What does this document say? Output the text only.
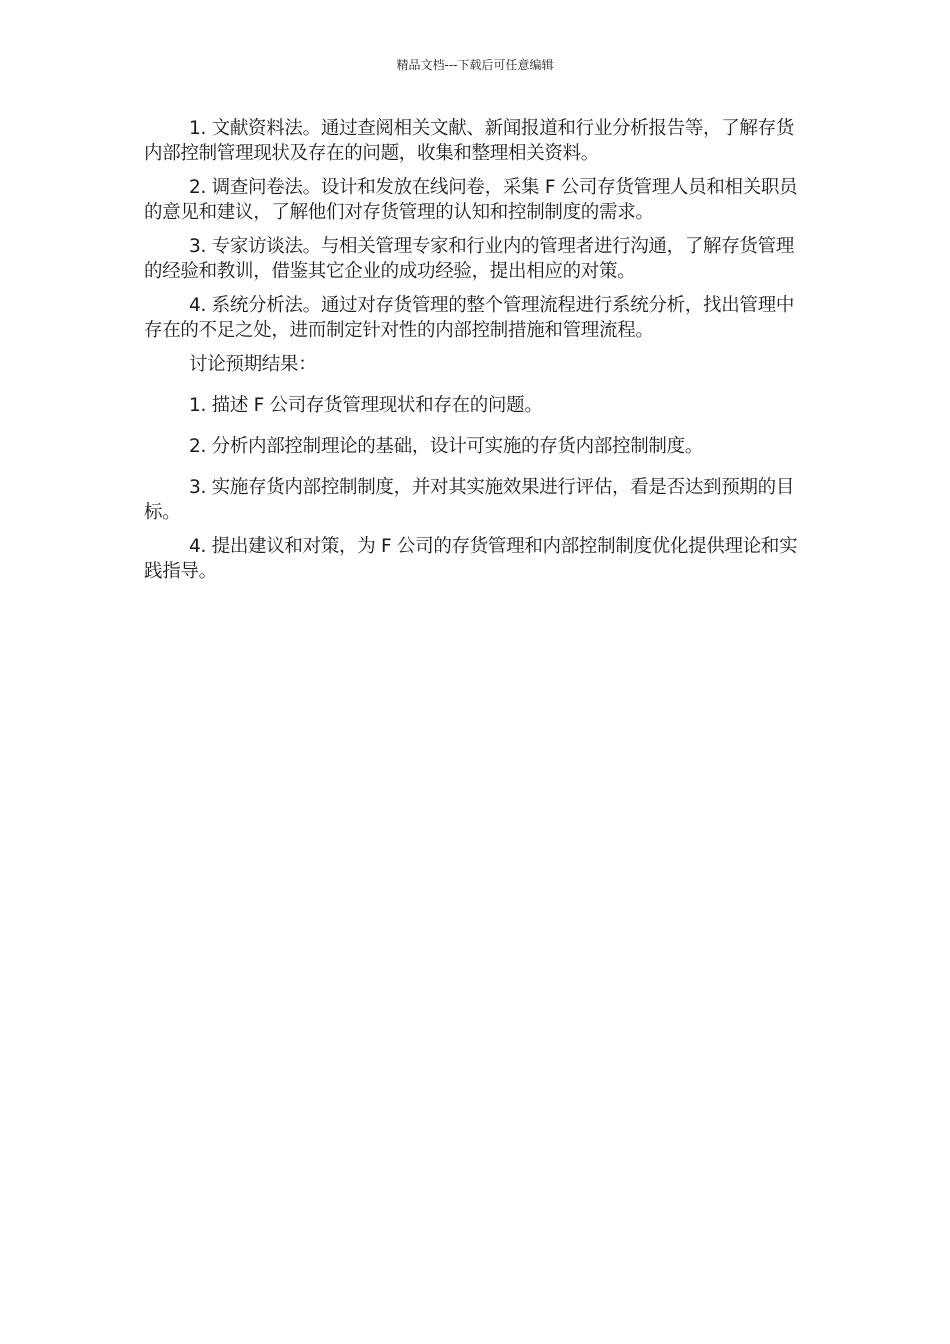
精品文档---下载后可任意编辑

1. 文献资料法。通过查阅相关文献、新闻报道和行业分析报告等，了解存货内部控制管理现状及存在的问题，收集和整理相关资料。

2. 调查问卷法。设计和发放在线问卷，采集 F 公司存货管理人员和相关职员的意见和建议，了解他们对存货管理的认知和控制制度的需求。

3. 专家访谈法。与相关管理专家和行业内的管理者进行沟通，了解存货管理的经验和教训，借鉴其它企业的成功经验，提出相应的对策。

4. 系统分析法。通过对存货管理的整个管理流程进行系统分析，找出管理中存在的不足之处，进而制定针对性的内部控制措施和管理流程。

讨论预期结果：

1. 描述 F 公司存货管理现状和存在的问题。

2. 分析内部控制理论的基础，设计可实施的存货内部控制制度。

3. 实施存货内部控制制度，并对其实施效果进行评估，看是否达到预期的目标。

4. 提出建议和对策，为 F 公司的存货管理和内部控制制度优化提供理论和实践指导。
